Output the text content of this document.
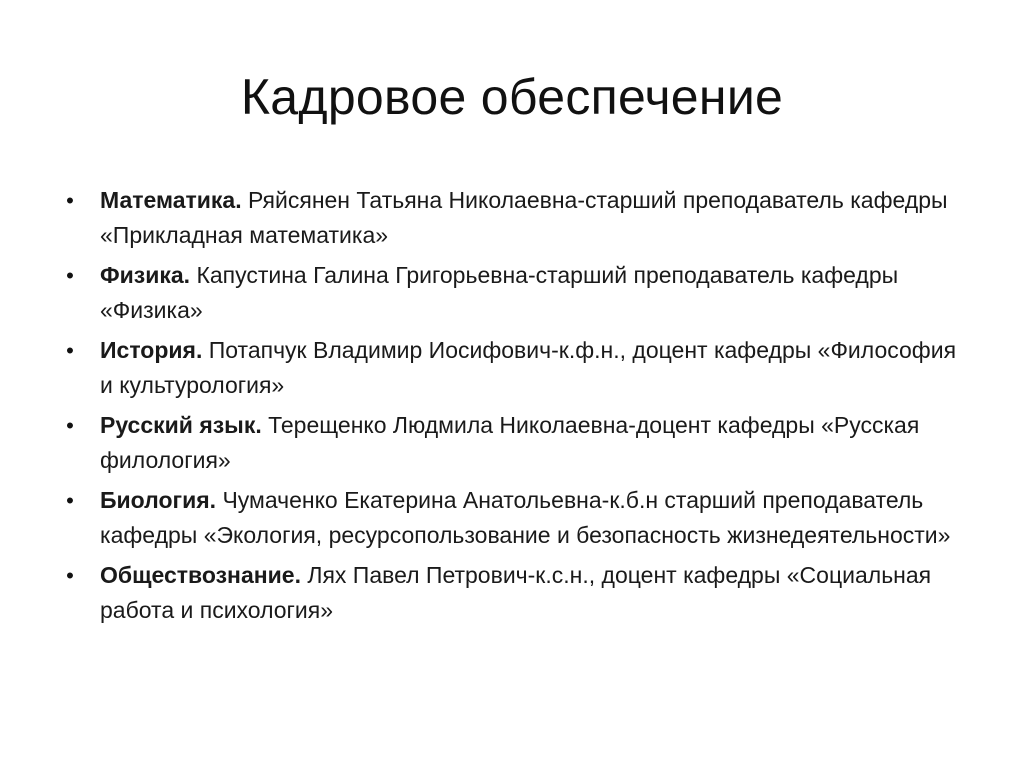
Кадровое обеспечение
• Математика. Ряйсянен Татьяна Николаевна-старший преподаватель кафедры «Прикладная математика»
• Физика. Капустина Галина Григорьевна-старший преподаватель кафедры «Физика»
• История. Потапчук Владимир Иосифович-к.ф.н., доцент кафедры «Философия и культурология»
• Русский язык. Терещенко Людмила Николаевна-доцент кафедры «Русская филология»
• Биология. Чумаченко Екатерина Анатольевна-к.б.н старший преподаватель кафедры «Экология, ресурсопользование и безопасность жизнедеятельности»
• Обществознание. Лях Павел Петрович-к.с.н., доцент кафедры «Социальная работа и психология»
